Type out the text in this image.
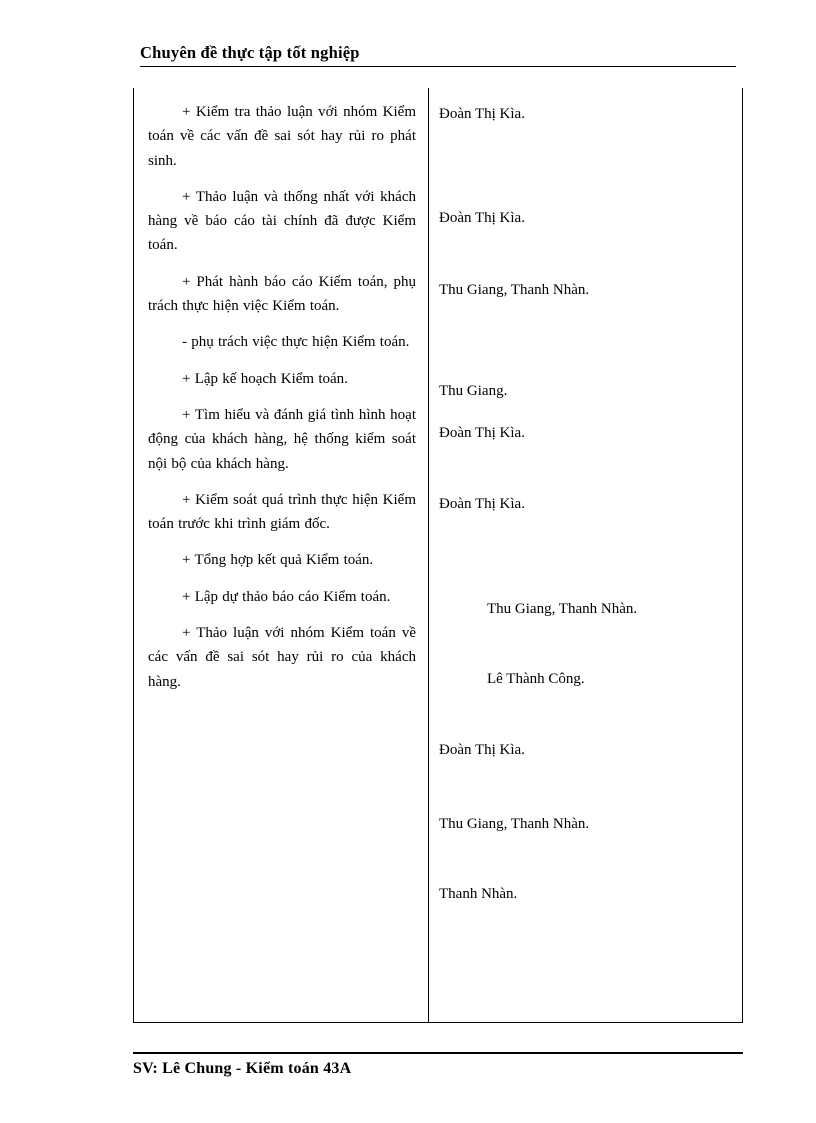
Chuyên đề thực tập tốt nghiệp

+ Kiểm tra thảo luận với nhóm Kiểm toán về các vấn đề sai sót hay rủi ro phát sinh.

+ Thảo luận và thống nhất với khách hàng về báo cáo tài chính đã được Kiểm toán.

+ Phát hành báo cáo Kiểm toán, phụ trách thực hiện việc Kiểm toán.

- phụ trách việc thực hiện Kiểm toán.

+ Lập kế hoạch Kiểm toán.

+ Tìm hiểu và đánh giá tình hình hoạt động của khách hàng, hệ thống kiểm soát nội bộ của khách hàng.

+ Kiểm soát quá trình thực hiện Kiểm toán trước khi trình giám đốc.

+ Tổng hợp kết quả Kiểm toán.

+ Lập dự thảo báo cáo Kiểm toán.

+ Thảo luận với nhóm Kiểm toán về các vấn đề sai sót hay rủi ro của khách hàng.

Đoàn Thị Kìa.
Đoàn Thị Kìa.
Thu Giang, Thanh Nhàn.
Thu Giang.
Đoàn Thị Kìa.
Đoàn Thị Kìa.
Thu Giang, Thanh Nhàn.
Lê Thành Công.
Đoàn Thị Kìa.
Thu Giang, Thanh Nhàn.
Thanh Nhàn.
SV: Lê Chung - Kiểm toán 43A
